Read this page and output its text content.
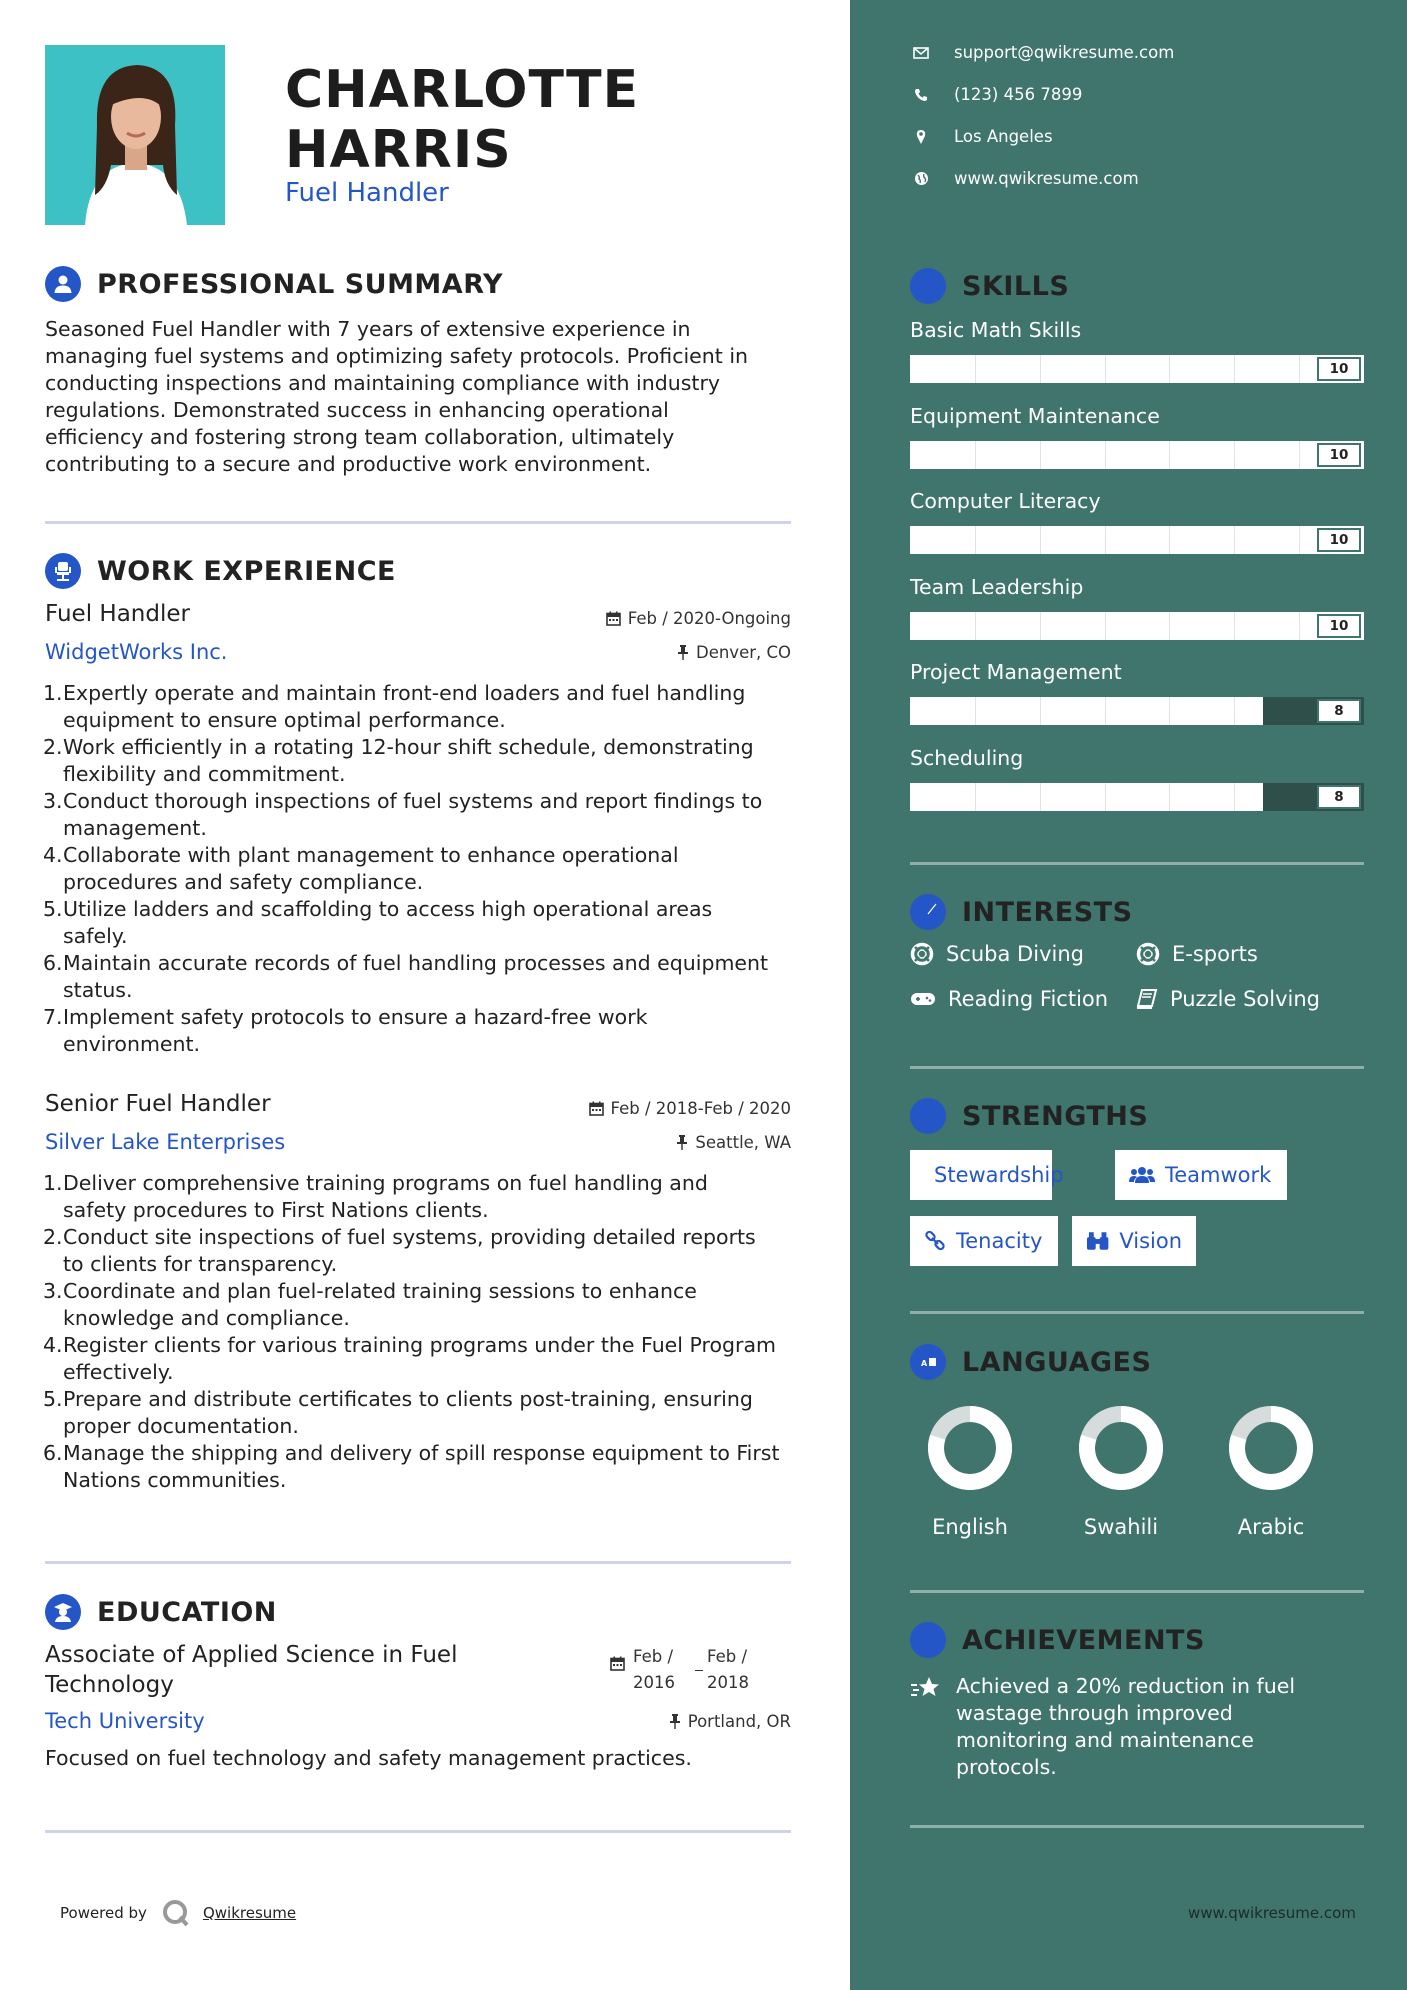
CHARLOTTE
HARRIS
Fuel Handler
PROFESSIONAL SUMMARY
Seasoned Fuel Handler with 7 years of extensive experience in
managing fuel systems and optimizing safety protocols. Proficient in
conducting inspections and maintaining compliance with industry
regulations. Demonstrated success in enhancing operational
efficiency and fostering strong team collaboration, ultimately
contributing to a secure and productive work environment.
WORK EXPERIENCE
Fuel Handler
WidgetWorks Inc.
Feb / 2020-Ongoing
Denver, CO
1. Expertly operate and maintain front-end loaders and fuel handling
equipment to ensure optimal performance.
2. Work efficiently in a rotating 12-hour shift schedule, demonstrating
flexibility and commitment.
3. Conduct thorough inspections of fuel systems and report findings to
management.
4. Collaborate with plant management to enhance operational
procedures and safety compliance.
5. Utilize ladders and scaffolding to access high operational areas
safely.
6. Maintain accurate records of fuel handling processes and equipment
status.
7. Implement safety protocols to ensure a hazard-free work
environment.
Senior Fuel Handler
Silver Lake Enterprises
Feb / 2018-Feb / 2020
Seattle, WA
1. Deliver comprehensive training programs on fuel handling and
safety procedures to First Nations clients.
2. Conduct site inspections of fuel systems, providing detailed reports
to clients for transparency.
3. Coordinate and plan fuel-related training sessions to enhance
knowledge and compliance.
4. Register clients for various training programs under the Fuel Program
effectively.
5. Prepare and distribute certificates to clients post-training, ensuring
proper documentation.
6. Manage the shipping and delivery of spill response equipment to First
Nations communities.
EDUCATION
Associate of Applied Science in Fuel
Technology
Tech University
Feb /
2016
Feb /
2018
Portland, OR
Focused on fuel technology and safety management practices.
Powered by	Qwikresume
support@qwikresume.com
(123) 456 7899
Los Angeles
www.qwikresume.com
SKILLS
Basic Math Skills
10
Equipment Maintenance
10
Computer Literacy
10
Team Leadership
10
Project Management
8
Scheduling
8
INTERESTS
Scuba Diving	E-sports
Reading Fiction	Puzzle Solving
STRENGTHS
Stewardship	Teamwork
Tenacity	Vision
A LANGUAGES
English	Swahili	Arabic
ACHIEVEMENTS
Achieved a 20% reduction in fuel wastage through improved monitoring and maintenance protocols.
www.qwikresume.com
